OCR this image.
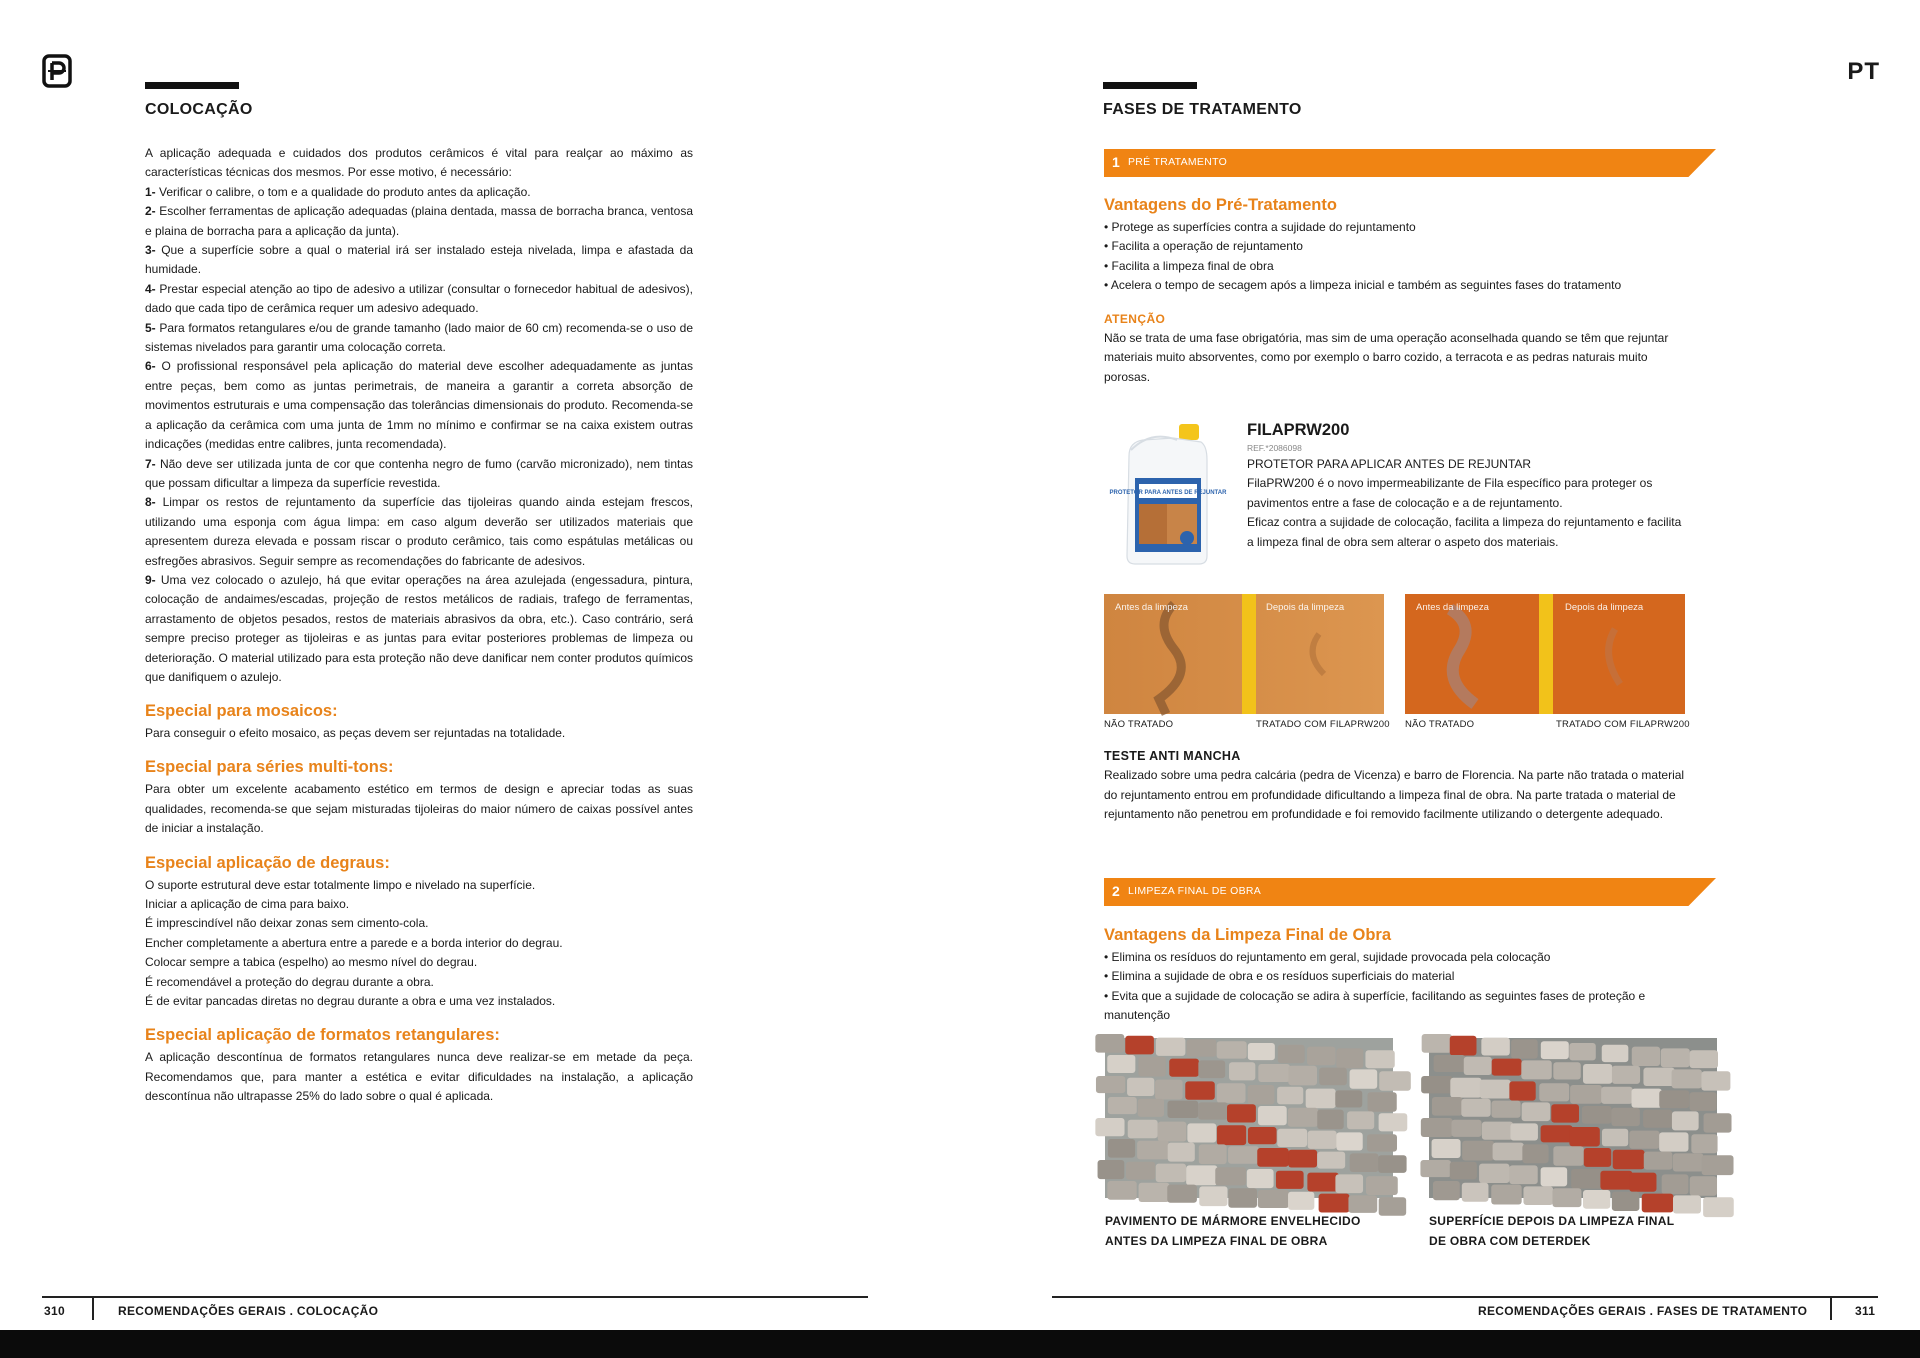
COLOCAÇÃO

A aplicação adequada e cuidados dos produtos cerâmicos é vital para realçar ao máximo as características técnicas dos mesmos. Por esse motivo, é necessário:

1- Verificar o calibre, o tom e a qualidade do produto antes da aplicação.

2- Escolher ferramentas de aplicação adequadas (plaina dentada, massa de borracha branca, ventosa e plaina de borracha para a aplicação da junta).

3- Que a superfície sobre a qual o material irá ser instalado esteja nivelada, limpa e afastada da humidade.

4- Prestar especial atenção ao tipo de adesivo a utilizar (consultar o fornecedor habitual de adesivos), dado que cada tipo de cerâmica requer um adesivo adequado.

5- Para formatos retangulares e/ou de grande tamanho (lado maior de 60 cm) recomenda-se o uso de sistemas nivelados para garantir uma colocação correta.

6- O profissional responsável pela aplicação do material deve escolher adequadamente as juntas entre peças, bem como as juntas perimetrais, de maneira a garantir a correta absorção de movimentos estruturais e uma compensação das tolerâncias dimensionais do produto. Recomenda-se a aplicação da cerâmica com uma junta de 1mm no mínimo e confirmar se na caixa existem outras indicações (medidas entre calibres, junta recomendada).

7- Não deve ser utilizada junta de cor que contenha negro de fumo (carvão micronizado), nem tintas que possam dificultar a limpeza da superfície revestida.

8- Limpar os restos de rejuntamento da superfície das tijoleiras quando ainda estejam frescos, utilizando uma esponja com água limpa: em caso algum deverão ser utilizados materiais que apresentem dureza elevada e possam riscar o produto cerâmico, tais como espátulas metálicas ou esfregões abrasivos. Seguir sempre as recomendações do fabricante de adesivos.

9- Uma vez colocado o azulejo, há que evitar operações na área azulejada (engessadura, pintura, colocação de andaimes/escadas, projeção de restos metálicos de radiais, trafego de ferramentas, arrastamento de objetos pesados, restos de materiais abrasivos da obra, etc.). Caso contrário, será sempre preciso proteger as tijoleiras e as juntas para evitar posteriores problemas de limpeza ou deterioração. O material utilizado para esta proteção não deve danificar nem conter produtos químicos que danifiquem o azulejo.

Especial para mosaicos:

Para conseguir o efeito mosaico, as peças devem ser rejuntadas na totalidade.

Especial para séries multi-tons:

Para obter um excelente acabamento estético em termos de design e apreciar todas as suas qualidades, recomenda-se que sejam misturadas tijoleiras do maior número de caixas possível antes de iniciar a instalação.

Especial aplicação de degraus:

O suporte estrutural deve estar totalmente limpo e nivelado na superfície.

Iniciar a aplicação de cima para baixo.

É imprescindível não deixar zonas sem cimento-cola.

Encher completamente a abertura entre a parede e a borda interior do degrau.

Colocar sempre a tabica (espelho) ao mesmo nível do degrau.

É recomendável a proteção do degrau durante a obra.

É de evitar pancadas diretas no degrau durante a obra e uma vez instalados.

Especial aplicação de formatos retangulares:

A aplicação descontínua de formatos retangulares nunca deve realizar-se em metade da peça. Recomendamos que, para manter a estética e evitar dificuldades na instalação, a aplicação descontínua não ultrapasse 25% do lado sobre o qual é aplicada.

310	RECOMENDAÇÕES GERAIS . COLOCAÇÃO
PT
FASES DE TRATAMENTO
1 PRÉ TRATAMENTO
Vantagens do Pré-Tratamento

• Protege as superfícies contra a sujidade do rejuntamento

• Facilita a operação de rejuntamento

• Facilita a limpeza final de obra

• Acelera o tempo de secagem após a limpeza inicial e também as seguintes fases do tratamento

ATENÇÃO

Não se trata de uma fase obrigatória, mas sim de uma operação aconselhada quando se têm que rejuntar materiais muito absorventes, como por exemplo o barro cozido, a terracota e as pedras naturais muito porosas.

PROTETOR PARA ANTES DE REJUNTAR
FILAPRW200
REF.*2086098
PROTETOR PARA APLICAR ANTES DE REJUNTAR

FilaPRW200 é o novo impermeabilizante de Fila específico para proteger os pavimentos entre a fase de colocação e a de rejuntamento.

Eficaz contra a sujidade de colocação, facilita a limpeza do rejuntamento e facilita a limpeza final de obra sem alterar o aspeto dos materiais.

Antes da limpeza	Depois da limpeza
NÃO TRATADO	TRATADO COM FILAPRW200
Antes da limpeza	Depois da limpeza
NÃO TRATADO	TRATADO COM FILAPRW200
TESTE ANTI MANCHA

Realizado sobre uma pedra calcária (pedra de Vicenza) e barro de Florencia. Na parte não tratada o material do rejuntamento entrou em profundidade dificultando a limpeza final de obra. Na parte tratada o material de rejuntamento não penetrou em profundidade e foi removido facilmente utilizando o detergente adequado.

2 LIMPEZA FINAL DE OBRA
Vantagens da Limpeza Final de Obra

• Elimina os resíduos do rejuntamento em geral, sujidade provocada pela colocação

• Elimina a sujidade de obra e os resíduos superficiais do material

• Evita que a sujidade de colocação se adira à superfície, facilitando as seguintes fases de proteção e manutenção

PAVIMENTO DE MÁRMORE ENVELHECIDO
ANTES DA LIMPEZA FINAL DE OBRA
SUPERFÍCIE DEPOIS DA LIMPEZA FINAL
DE OBRA COM DETERDEK
RECOMENDAÇÕES GERAIS . FASES DE TRATAMENTO	311
